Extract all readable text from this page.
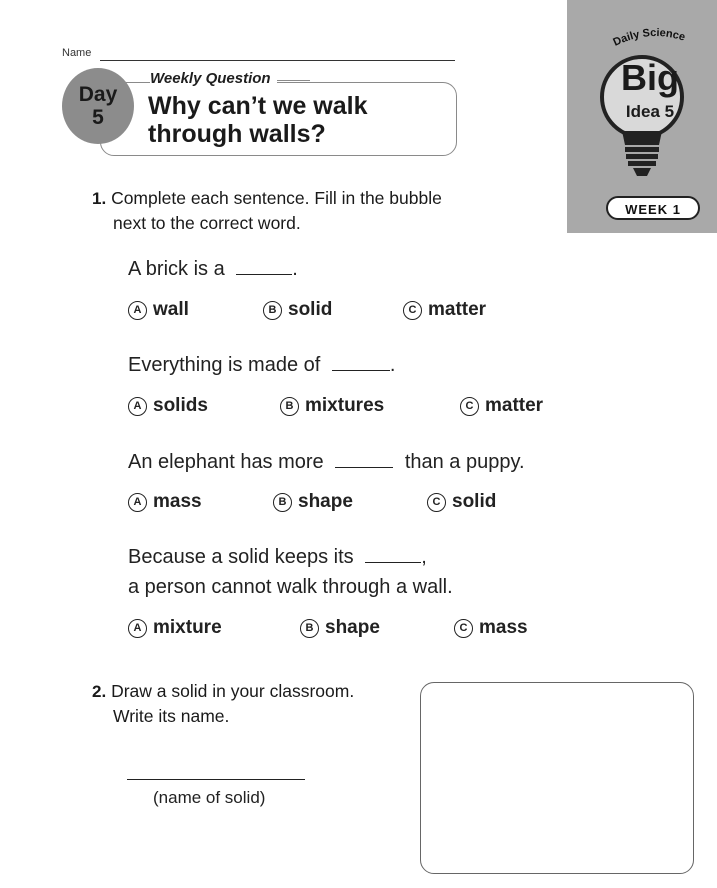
Name
Weekly Question
Day
5	Why can’t we walk
through walls?
Daily Science
Big
Idea 5
WEEK 1
1. Complete each sentence. Fill in the bubble
next to the correct word.
A brick is a	.
A wall	B solid	C matter
Everything is made of	.
A solids	B mixtures	C matter
An elephant has more	than a puppy.
A mass	B shape	C solid
Because a solid keeps its	,
a person cannot walk through a wall.
A mixture	B shape	C mass
2. Draw a solid in your classroom.
Write its name.
(name of solid)
